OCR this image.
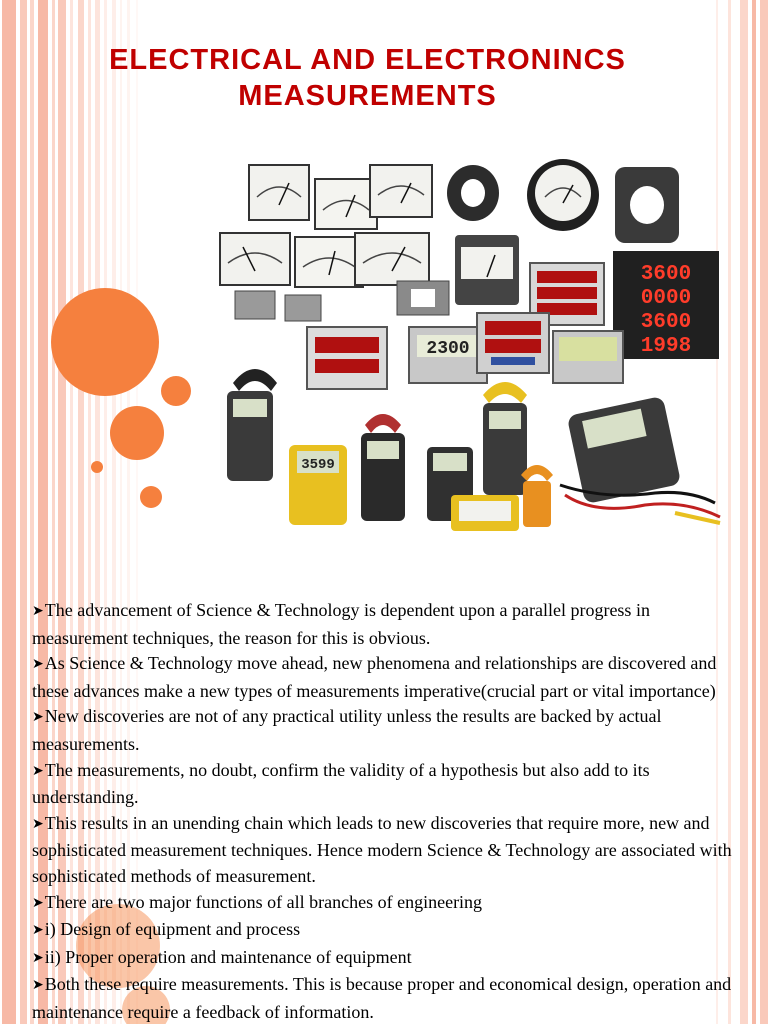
ELECTRICAL AND ELECTRONINCS
MEASUREMENTS
3600
0000
3600
1998
2300
3599
➤The advancement of Science & Technology is dependent upon a parallel progress in measurement techniques, the reason for this is obvious.
➤As Science & Technology move ahead, new phenomena and relationships are discovered and these advances make a new types of measurements imperative(crucial part or vital importance)
➤New discoveries are not of any practical utility unless the results are backed by actual measurements.
➤The measurements, no doubt, confirm the validity of a hypothesis but also add to its understanding.
➤This results in an unending chain which leads to new discoveries that require more, new and sophisticated measurement techniques. Hence modern Science & Technology are associated with sophisticated methods of measurement.
➤There are two major functions of all branches of engineering
➤i) Design of equipment and process
➤ii) Proper operation and maintenance of equipment
➤Both these require measurements. This is because proper and economical design, operation and maintenance require a feedback of information.
